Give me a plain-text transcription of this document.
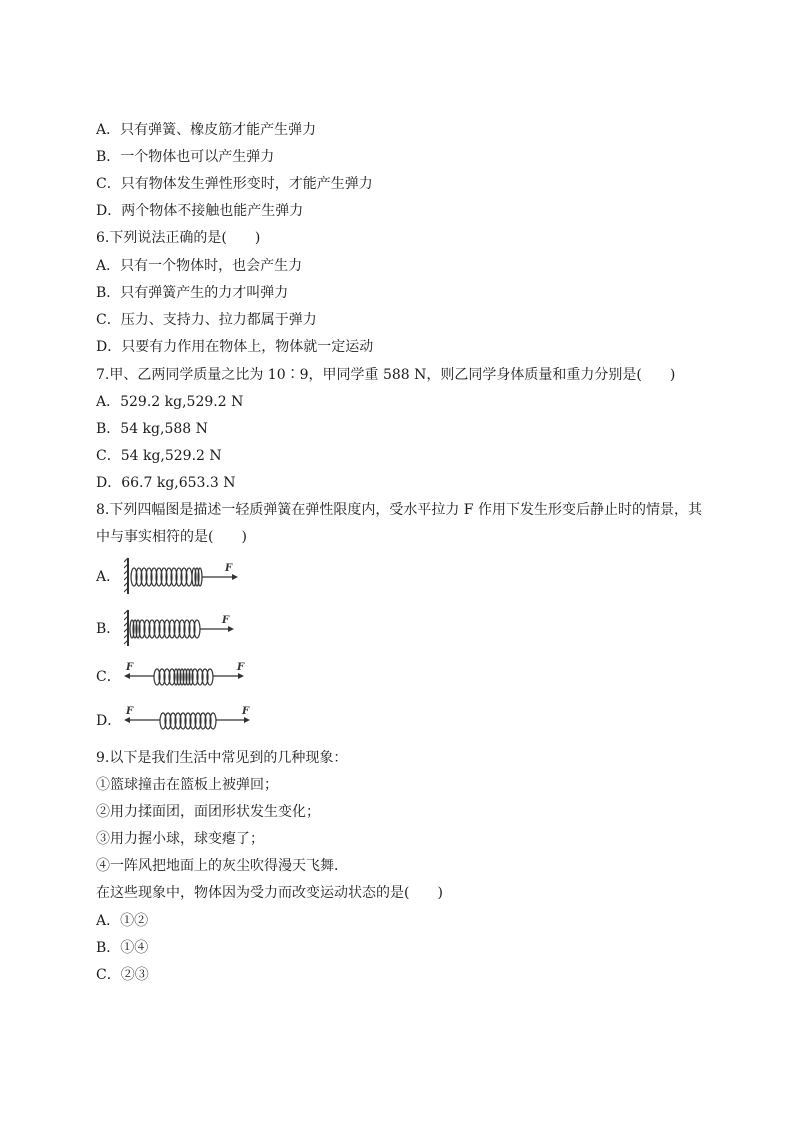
A．只有弹簧、橡皮筋才能产生弹力
B．一个物体也可以产生弹力
C．只有物体发生弹性形变时，才能产生弹力
D．两个物体不接触也能产生弹力
6.下列说法正确的是(　　)
A．只有一个物体时，也会产生力
B．只有弹簧产生的力才叫弹力
C．压力、支持力、拉力都属于弹力
D．只要有力作用在物体上，物体就一定运动
7.甲、乙两同学质量之比为 10∶9，甲同学重 588 N，则乙同学身体质量和重力分别是(　　)
A．529.2 kg,529.2 N
B．54 kg,588 N
C．54 kg,529.2 N
D．66.7 kg,653.3 N
8.下列四幅图是描述一轻质弹簧在弹性限度内，受水平拉力 F 作用下发生形变后静止时的情景，其中与事实相符的是(　　)
A．
F
B．
F
C．
F	F
D．
F	F
9.以下是我们生活中常见到的几种现象：
①篮球撞击在篮板上被弹回；
②用力揉面团，面团形状发生变化；
③用力握小球，球变瘪了；
④一阵风把地面上的灰尘吹得漫天飞舞．
在这些现象中，物体因为受力而改变运动状态的是(　　)
A．①②
B．①④
C．②③
